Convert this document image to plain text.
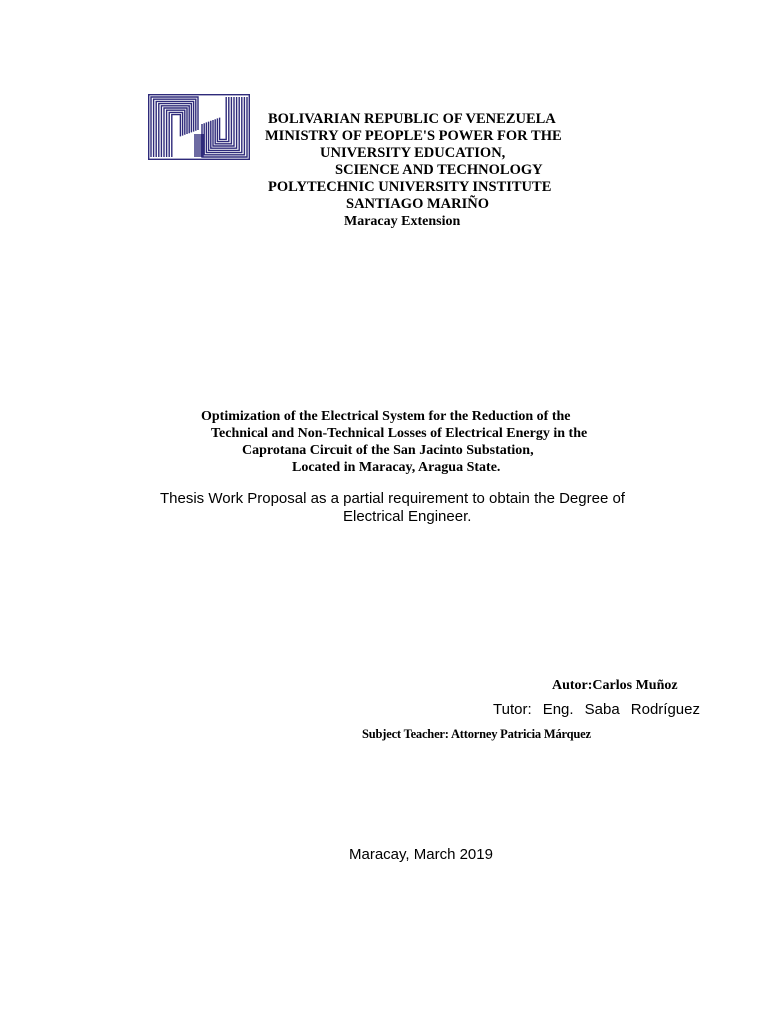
BOLIVARIAN REPUBLIC OF VENEZUELA
MINISTRY OF PEOPLE'S POWER FOR THE
UNIVERSITY EDUCATION,
SCIENCE AND TECHNOLOGY
POLYTECHNIC UNIVERSITY INSTITUTE
SANTIAGO MARIÑO
Maracay Extension
Optimization of the Electrical System for the Reduction of the
Technical and Non-Technical Losses of Electrical Energy in the
Caprotana Circuit of the San Jacinto Substation,
Located in Maracay, Aragua State.
Thesis Work Proposal as a partial requirement to obtain the Degree of
Electrical Engineer.
Autor:Carlos Muñoz
Tutor: Eng. Saba Rodríguez
Subject Teacher: Attorney Patricia Márquez
Maracay, March 2019
